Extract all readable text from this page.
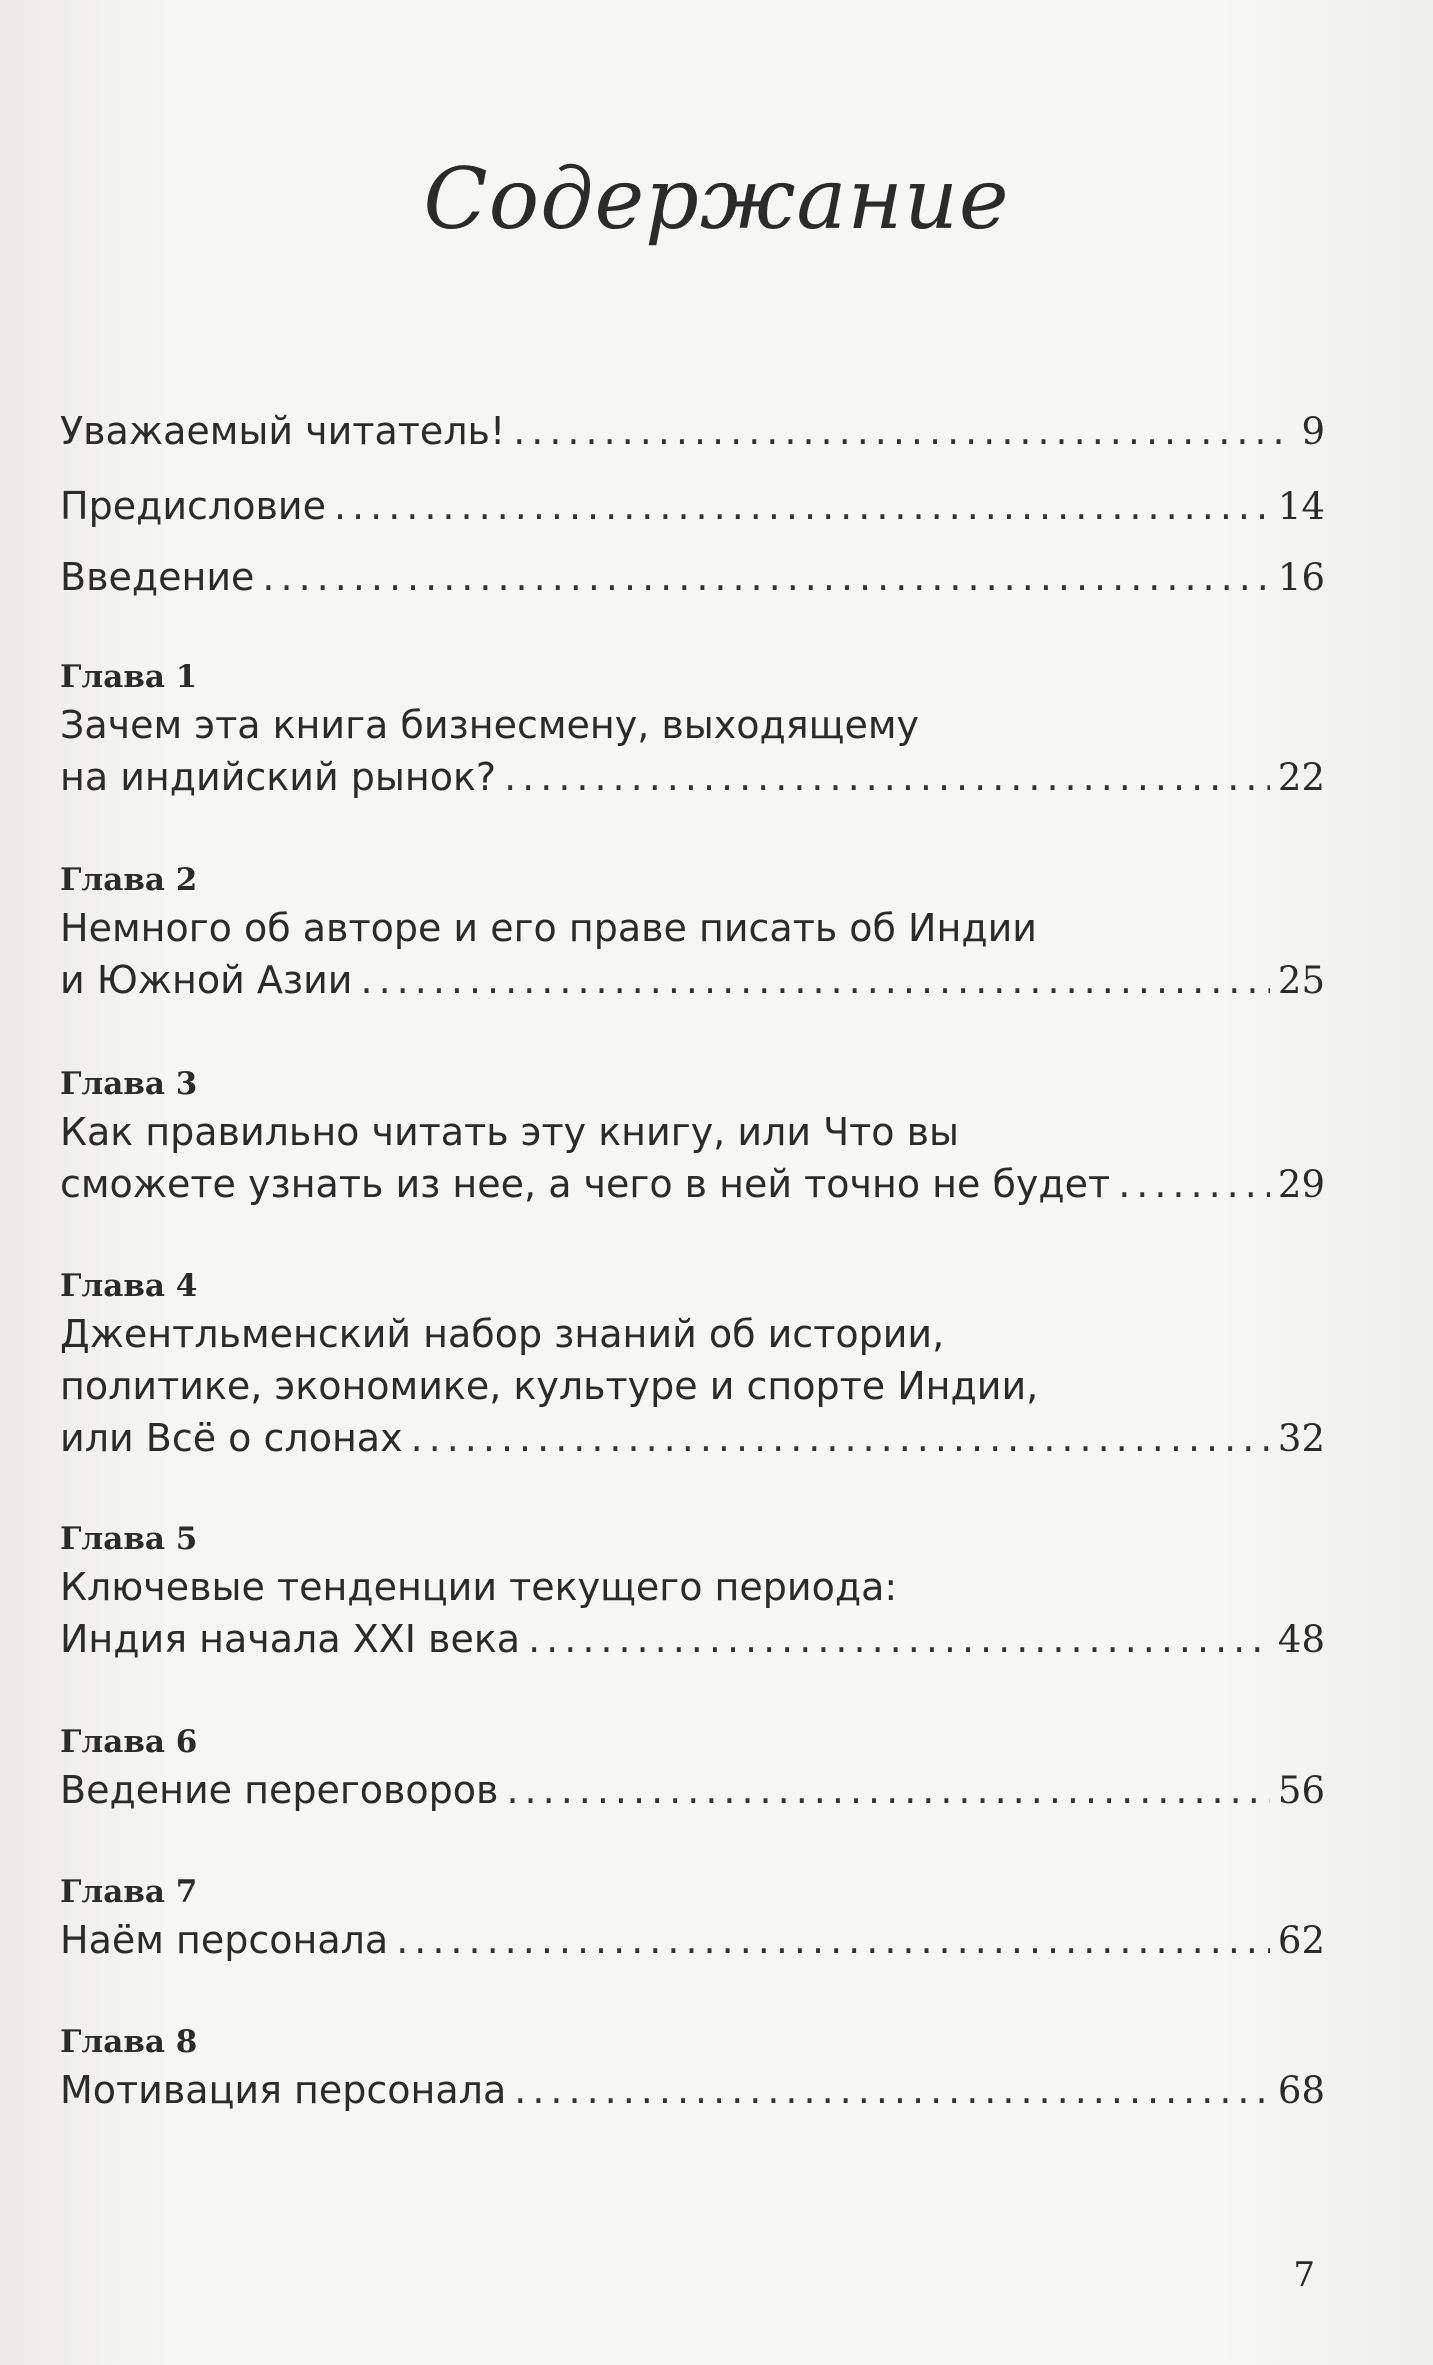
Содержание
Уважаемый читатель! .....	9
Предисловие .....	14
Введение .....	16
Глава 1
Зачем эта книга бизнесмену, выходящему
на индийский рынок? .....	22
Глава 2
Немного об авторе и его праве писать об Индии
и Южной Азии .....	25
Глава 3
Как правильно читать эту книгу, или Что вы
сможете узнать из нее, а чего в ней точно не будет .....	29
Глава 4
Джентльменский набор знаний об истории,
политике, экономике, культуре и спорте Индии,
или Всё о слонах .....	32
Глава 5
Ключевые тенденции текущего периода:
Индия начала XXI века .....	48
Глава 6
Ведение переговоров .....	56
Глава 7
Наём персонала .....	62
Глава 8
Мотивация персонала .....	68
7
